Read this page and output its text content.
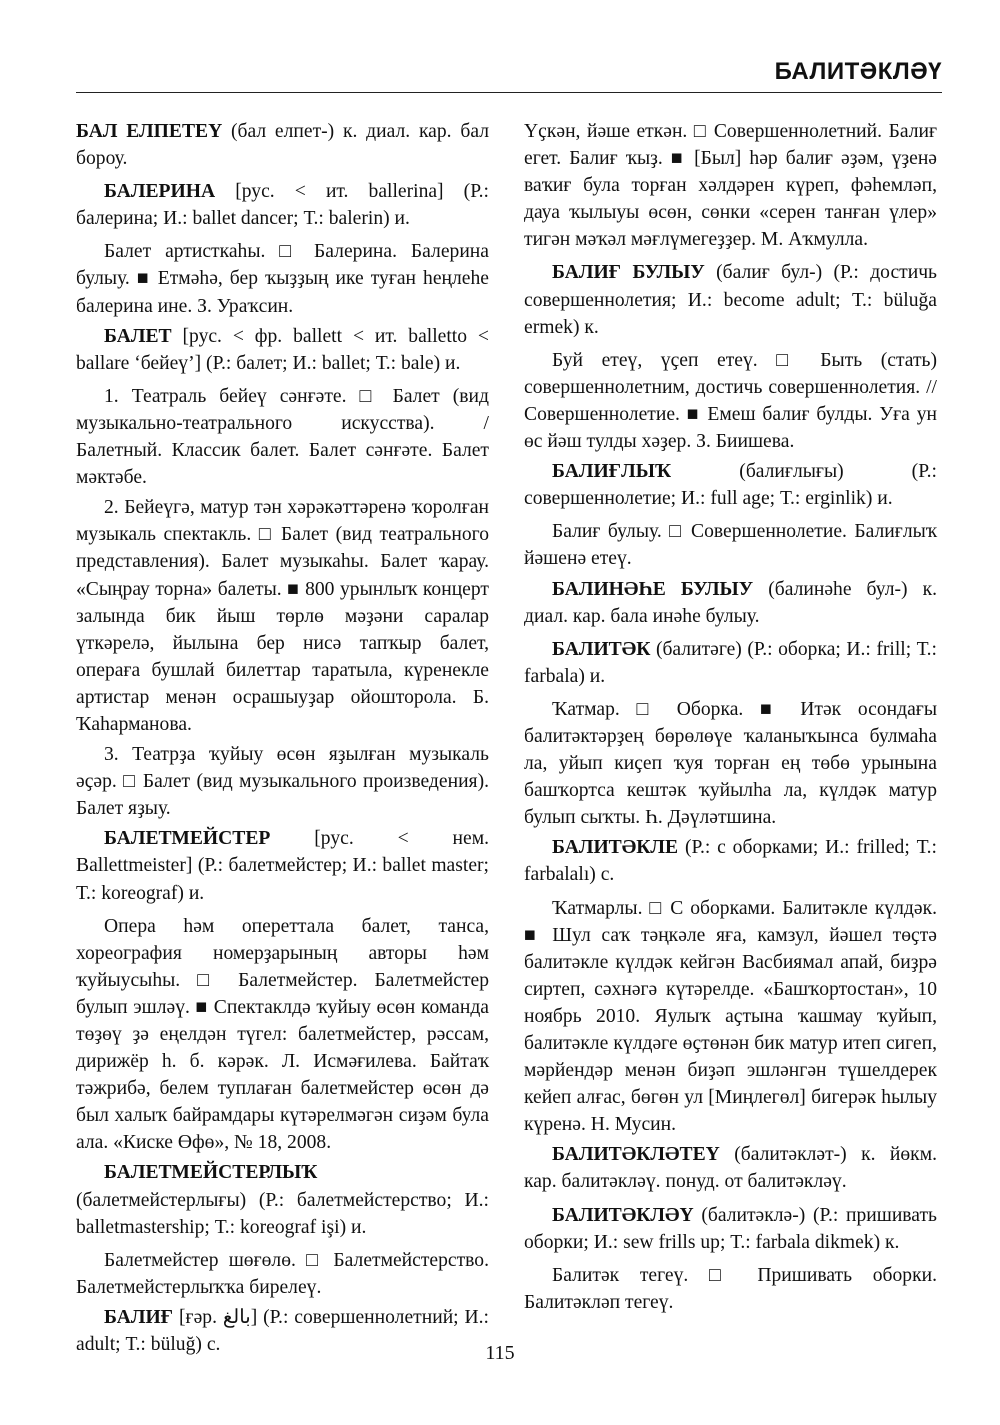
БАЛИТӘКЛӘҮ

БАЛ ЕЛПЕТЕҮ (бал елпет-) к. диал. кар. бал бороу.

БАЛЕРИНА [рус. < ит. ballerina] (Р.: балерина; И.: ballet dancer; Т.: balerin) и.

Балет артисткаһы. □ Балерина. Балерина булыу. ■ Етмәһә, бер ҡыҙҙың ике туған һеңлеһе балерина ине. З. Ураҡсин.

БАЛЕТ [рус. < фр. ballett < ит. balletto < ballare ‘бейеү’] (Р.: балет; И.: ballet; Т.: bale) и.

1. Театраль бейеү сәнғәте. □ Балет (вид музыкально-театрального искусства). / Балетный. Классик балет. Балет сәнғәте. Балет мәктәбе.

2. Бейеүгә, матур тән хәрәкәттәренә ҡоролған музыкаль спектакль. □ Балет (вид театрального представления). Балет музыкаһы. Балет ҡарау. «Сыңрау торна» балеты. ■ 800 урынлыҡ концерт залында бик йыш төрлө мәҙәни саралар үткәрелә, йылына бер нисә тапҡыр балет, операға бушлай билеттар таратыла, күренекле артистар менән осрашыуҙар ойошторола. Б. Ҡаһарманова.

3. Театрҙа ҡуйыу өсөн яҙылған музыкаль әҫәр. □ Балет (вид музыкального произведения). Балет яҙыу.

БАЛЕТМЕЙСТЕР [рус. < нем. Ballettmeister] (Р.: балетмейстер; И.: ballet master; Т.: koreograf) и.

Опера һәм опереттала балет, танса, хореография номерҙарының авторы һәм ҡуйыусыһы. □ Балетмейстер. Балетмейстер булып эшләү. ■ Спектаклдә ҡуйыу өсөн команда төҙөү ҙә еңелдән түгел: балетмейстер, рәссам, дирижёр һ. б. кәрәк. Л. Исмәғилева. Байтаҡ тәжрибә, белем туплаған балетмейстер өсөн дә был халыҡ байрамдары күтәрелмәгән сиҙәм була ала. «Киске Өфө», № 18, 2008.

БАЛЕТМЕЙСТЕРЛЫҠ (балетмейстерлығы) (Р.: балетмейстерство; И.: balletmastership; Т.: koreograf işi) и.

Балетмейстер шөғөлө. □ Балетмейстерство. Балетмейстерлыҡҡа бирелеү.

БАЛИҒ [ғәр. بالغ] (Р.: совершеннолетний; И.: adult; Т.: büluğ) с.

Үҫкән, йәше еткән. □ Совершеннолетний. Балиғ егет. Балиғ ҡыҙ. ■ [Был] һәр балиғ әҙәм, үҙенә ваҡиғ була торған хәлдәрен күреп, фәһемләп, дауа ҡылыуы өсөн, сөнки «серен танған үлер» тигән мәҡәл мәғлүмегеҙҙер. М. Аҡмулла.

БАЛИҒ БУЛЫУ (балиғ бул-) (Р.: достичь совершеннолетия; И.: become adult; Т.: büluğa ermek) к.

Буй етеү, үҫеп етеү. □ Быть (стать) совершеннолетним, достичь совершеннолетия. // Совершеннолетие. ■ Емеш балиғ булды. Уға ун өс йәш тулды хәҙер. З. Биишева.

БАЛИҒЛЫҠ	(балиғлығы) (Р.: совершеннолетие; И.: full age; Т.: erginlik) и.

Балиғ булыу. □ Совершеннолетие. Балиғлыҡ йәшенә етеү.

БАЛИНӘҺЕ БУЛЫУ (балинәһе бул-) к. диал. кар. бала инәһе булыу.

БАЛИТӘК (балитәге) (Р.: оборка; И.: frill; Т.: farbala) и.

Ҡатмар. □ Оборка. ■ Итәк осондағы балитәктәрҙең бөрөлөүе ҡаланыҡынса булмаһа ла, уйып киҫеп ҡуя торған ең төбө урынына башҡортса кештәк ҡуйылһа ла, күлдәк матур булып сыҡты. Һ. Дәүләтшина.

БАЛИТӘКЛЕ (Р.: с оборками; И.: frilled; Т.: farbalalı) с.

Ҡатмарлы. □ С оборками. Балитәкле күлдәк. ■ Шул саҡ тәңкәле яға, камзул, йәшел төҫтә балитәкле күлдәк кейгән Васбиямал апай, биҙрә сиртеп, сәхнәгә күтәрелде. «Башҡортостан», 10 ноябрь 2010. Яулыҡ аҫтына ҡашмау ҡуйып, балитәкле күлдәге өҫтөнән бик матур итеп сигеп, мәрйендәр менән биҙәп эшләнгән түшелдерек кейеп алғас, бөгөн ул [Миңлегөл] бигерәк һылыу күренә. Н. Мусин.

БАЛИТӘКЛӘТЕҮ (балитәкләт-) к. йөкм. кар. балитәкләү. понуд. от балитәкләү.

БАЛИТӘКЛӘҮ (балитәклә-) (Р.: пришивать оборки; И.: sew frills up; Т.: farbala dikmek) к.

Балитәк тегеү. □ Пришивать оборки. Балитәкләп тегеү.

115
